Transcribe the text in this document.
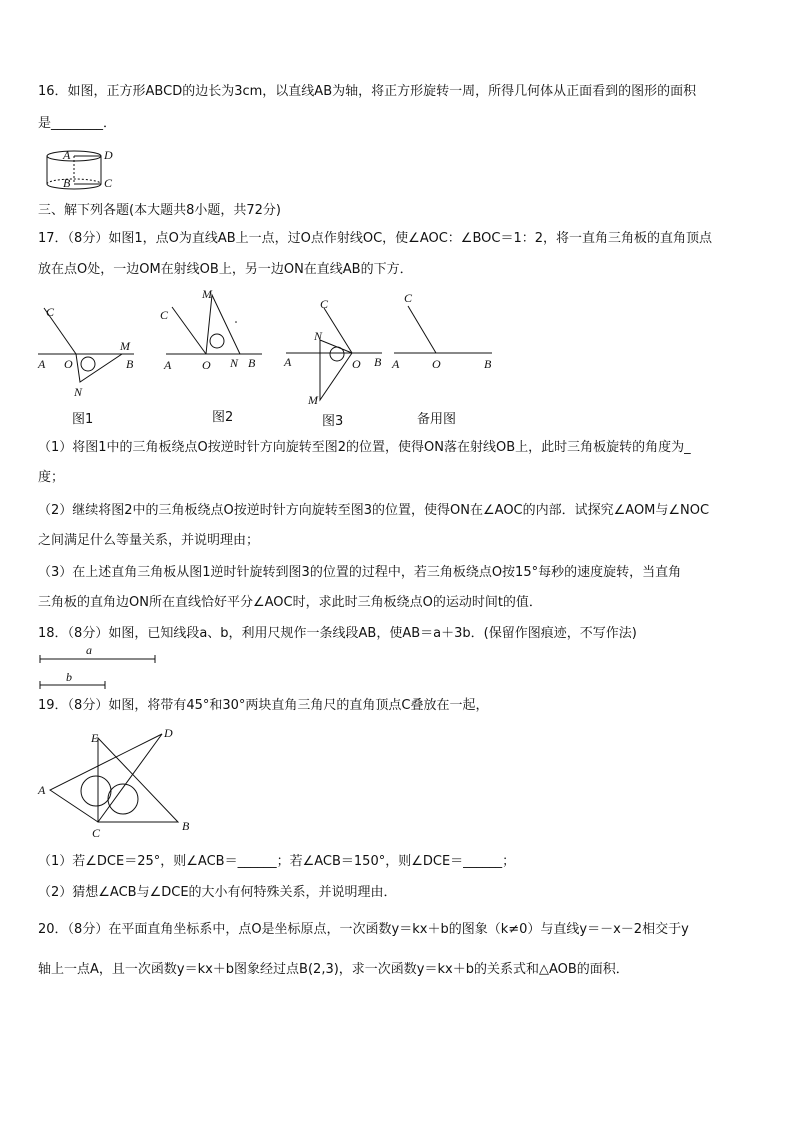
16．如图，正方形ABCD的边长为3cm，以直线AB为轴，将正方形旋转一周，所得几何体从正面看到的图形的面积
是________．
A	D
B	C
三、解下列各题(本大题共8小题，共72分)
17．（8分）如图1，点O为直线AB上一点，过O点作射线OC，使∠AOC：∠BOC＝1：2，将一直角三角板的直角顶点
放在点O处，一边OM在射线OB上，另一边ON在直线AB的下方．
C
A O
M
B
N
图1
M
C
A	O N B
图2
C
N
A	O B
M
图3
C
A	O	B
备用图
（1）将图1中的三角板绕点O按逆时针方向旋转至图2的位置，使得ON落在射线OB上，此时三角板旋转的角度为_
度；
（2）继续将图2中的三角板绕点O按逆时针方向旋转至图3的位置，使得ON在∠AOC的内部．试探究∠AOM与∠NOC
之间满足什么等量关系，并说明理由；
（3）在上述直角三角板从图1逆时针旋转到图3的位置的过程中，若三角板绕点O按15°每秒的速度旋转，当直角
三角板的直角边ON所在直线恰好平分∠AOC时，求此时三角板绕点O的运动时间t的值．
18．（8分）如图，已知线段a、b，利用尺规作一条线段AB，使AB＝a＋3b．(保留作图痕迹，不写作法)
a
b
19．（8分）如图，将带有45°和30°两块直角三角尺的直角顶点C叠放在一起，
E	D
A
C	B
（1）若∠DCE＝25°，则∠ACB＝______；若∠ACB＝150°，则∠DCE＝______；
（2）猜想∠ACB与∠DCE的大小有何特殊关系，并说明理由．
20．（8分）在平面直角坐标系中，点O是坐标原点，一次函数y＝kx＋b的图象（k≠0）与直线y＝－x－2相交于y
轴上一点A，且一次函数y＝kx＋b图象经过点B(2,3)，求一次函数y＝kx＋b的关系式和△AOB的面积．
